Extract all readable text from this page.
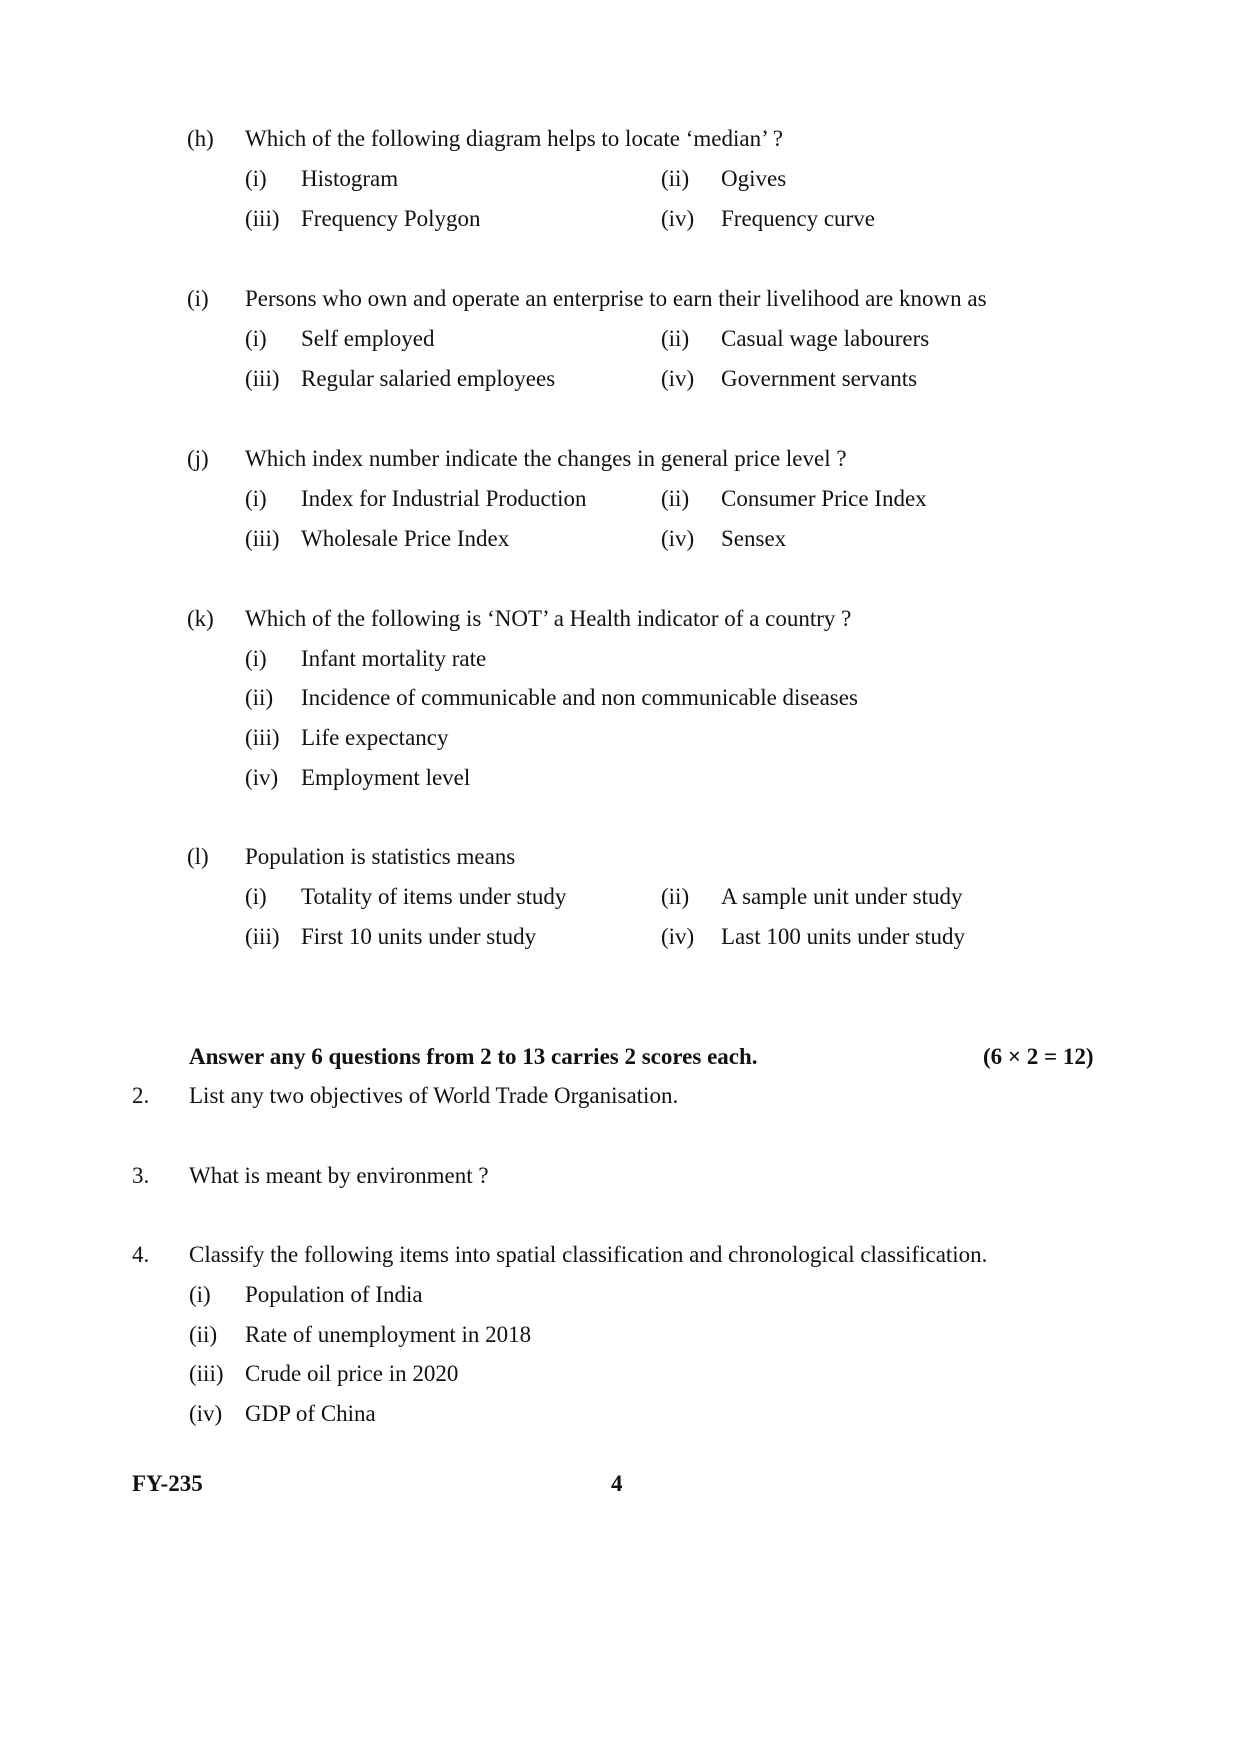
(h) Which of the following diagram helps to locate ‘median’ ?
(i) Histogram	(ii) Ogives
(iii) Frequency Polygon	(iv) Frequency curve
(i) Persons who own and operate an enterprise to earn their livelihood are known as
(i) Self employed	(ii) Casual wage labourers
(iii) Regular salaried employees	(iv) Government servants
(j) Which index number indicate the changes in general price level ?
(i) Index for Industrial Production	(ii) Consumer Price Index
(iii) Wholesale Price Index	(iv) Sensex
(k) Which of the following is ‘NOT’ a Health indicator of a country ?
(i) Infant mortality rate
(ii) Incidence of communicable and non communicable diseases
(iii) Life expectancy
(iv) Employment level
(l) Population is statistics means
(i) Totality of items under study	(ii) A sample unit under study
(iii) First 10 units under study	(iv) Last 100 units under study
Answer any 6 questions from 2 to 13 carries 2 scores each.	(6 × 2 = 12)
2. List any two objectives of World Trade Organisation.
3. What is meant by environment ?
4. Classify the following items into spatial classification and chronological classification.
(i) Population of India
(ii) Rate of unemployment in 2018
(iii) Crude oil price in 2020
(iv) GDP of China
FY-235	4
